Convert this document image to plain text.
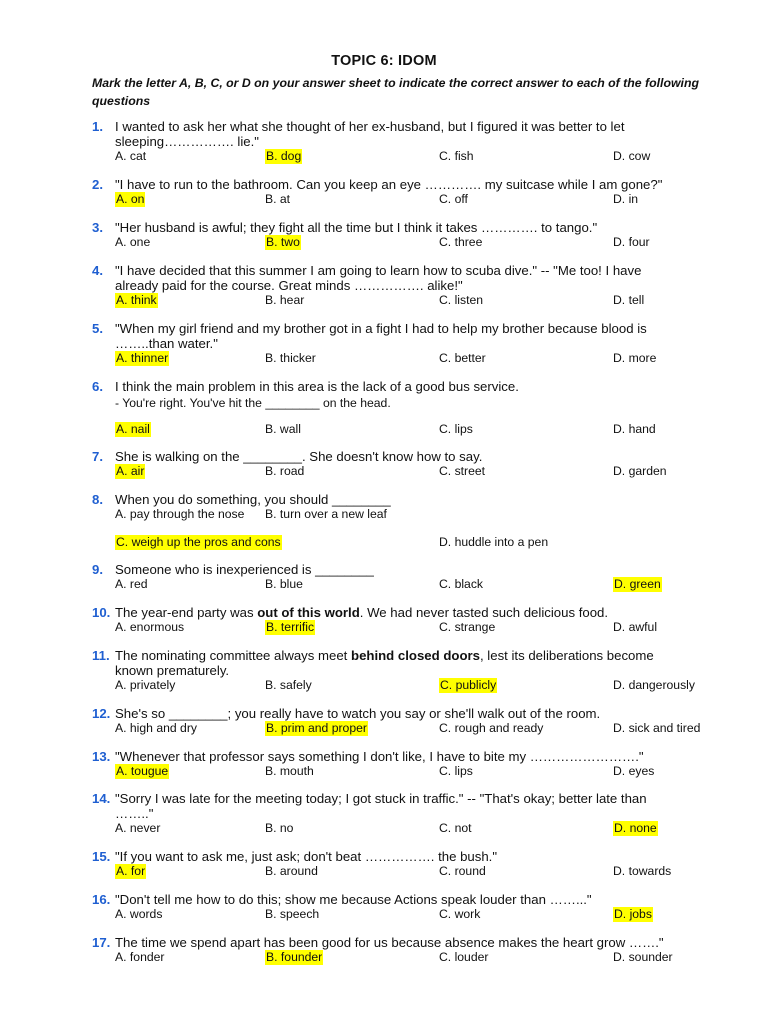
TOPIC 6: IDOM
Mark the letter A, B, C, or D on your answer sheet to indicate the correct answer to each of the following questions
1. I wanted to ask her what she thought of her ex-husband, but I figured it was better to let
sleeping……………. lie."
A. cat	B. dog	C. fish	D. cow
2. "I have to run to the bathroom. Can you keep an eye …………. my suitcase while I am gone?"
A. on	B. at	C. off	D. in
3. "Her husband is awful; they fight all the time but I think it takes …………. to tango."
A. one	B. two	C. three	D. four
4. "I have decided that this summer I am going to learn how to scuba dive." -- "Me too! I have
already paid for the course. Great minds ……………. alike!"
A. think	B. hear	C. listen	D. tell
5. "When my girl friend and my brother got in a fight I had to help my brother because blood is
……..than water."
A. thinner	B. thicker	C. better	D. more
6. I think the main problem in this area is the lack of a good bus service.
- You're right. You've hit the ________ on the head.
A. nail	B. wall	C. lips	D. hand
7. She is walking on the ________. She doesn't know how to say.
A. air	B. road	C. street	D. garden
8. When you do something, you should ________
A. pay through the nose B. turn over a new leaf
C. weigh up the pros and cons	D. huddle into a pen
9. Someone who is inexperienced is ________
A. red	B. blue	C. black	D. green
10. The year-end party was out of this world. We had never tasted such delicious food.
A. enormous	B. terrific	C. strange	D. awful
11. The nominating committee always meet behind closed doors, lest its deliberations become
known prematurely.
A. privately	B. safely	C. publicly	D. dangerously
12. She's so ________; you really have to watch you say or she'll walk out of the room.
A. high and dry	B. prim and proper	C. rough and ready	D. sick and tired
13. "Whenever that professor says something I don't like, I have to bite my ……………………."
A. tougue	B. mouth	C. lips	D. eyes
14. "Sorry I was late for the meeting today; I got stuck in traffic." -- "That's okay; better late than
…….."
A. never	B. no	C. not	D. none
15. "If you want to ask me, just ask; don't beat ……………. the bush."
A. for	B. around	C. round	D. towards
16. "Don't tell me how to do this; show me because Actions speak louder than ……..."
A. words	B. speech	C. work	D. jobs
17. The time we spend apart has been good for us because absence makes the heart grow ……."
A. fonder	B. founder	C. louder	D. sounder
